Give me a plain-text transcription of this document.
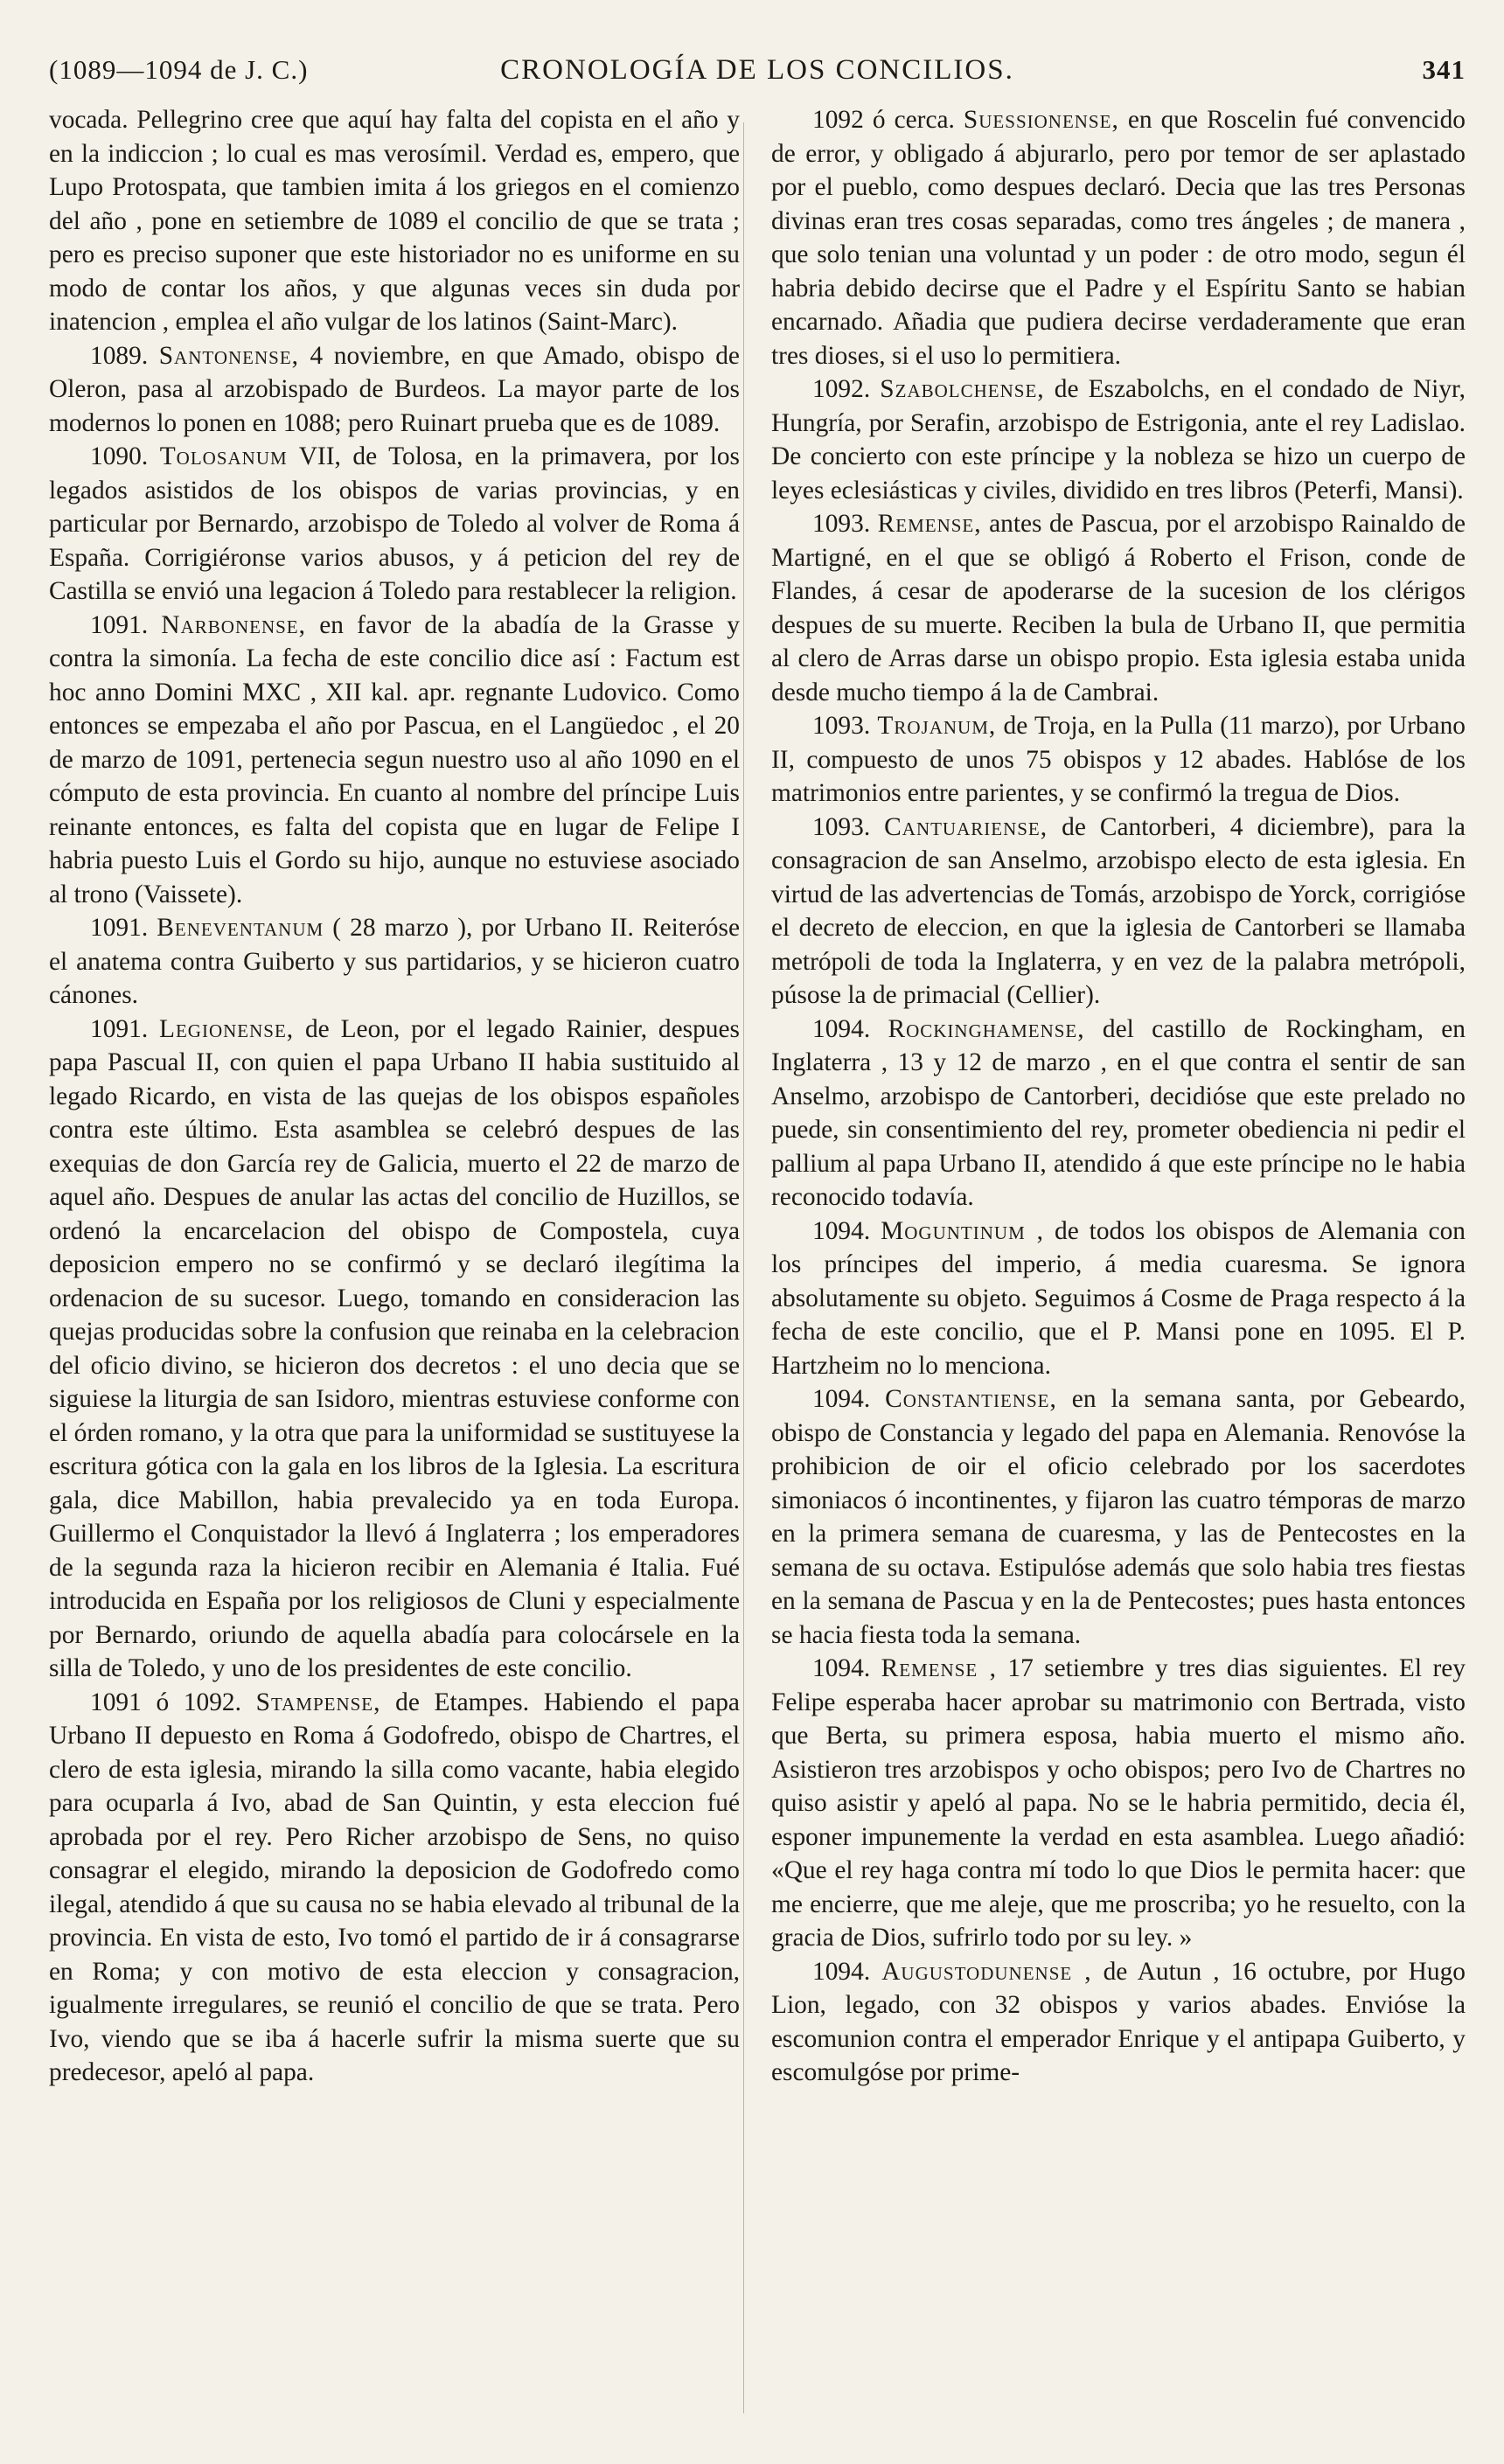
(1089—1094 de J. C.)	CRONOLOGÍA DE LOS CONCILIOS.	341

vocada. Pellegrino cree que aquí hay falta del copista en el año y en la indiccion ; lo cual es mas verosímil. Verdad es, empero, que Lupo Protospata, que tambien imita á los griegos en el comienzo del año , pone en setiembre de 1089 el concilio de que se trata ; pero es preciso suponer que este historiador no es uniforme en su modo de contar los años, y que algunas veces sin duda por inatencion , emplea el año vulgar de los latinos (Saint-Marc).

1089. Santonense, 4 noviembre, en que Amado, obispo de Oleron, pasa al arzobispado de Burdeos. La mayor parte de los modernos lo ponen en 1088; pero Ruinart prueba que es de 1089.

1090. Tolosanum VII, de Tolosa, en la primavera, por los legados asistidos de los obispos de varias provincias, y en particular por Bernardo, arzobispo de Toledo al volver de Roma á España. Corrigiéronse varios abusos, y á peticion del rey de Castilla se envió una legacion á Toledo para restablecer la religion.

1091. Narbonense, en favor de la abadía de la Grasse y contra la simonía. La fecha de este concilio dice así : Factum est hoc anno Domini MXC , XII kal. apr. regnante Ludovico. Como entonces se empezaba el año por Pascua, en el Langüedoc , el 20 de marzo de 1091, pertenecia segun nuestro uso al año 1090 en el cómputo de esta provincia. En cuanto al nombre del príncipe Luis reinante entonces, es falta del copista que en lugar de Felipe I habria puesto Luis el Gordo su hijo, aunque no estuviese asociado al trono (Vaissete).

1091. Beneventanum ( 28 marzo ), por Urbano II. Reiteróse el anatema contra Guiberto y sus partidarios, y se hicieron cuatro cánones.

1091. Legionense, de Leon, por el legado Rainier, despues papa Pascual II, con quien el papa Urbano II habia sustituido al legado Ricardo, en vista de las quejas de los obispos españoles contra este último. Esta asamblea se celebró despues de las exequias de don García rey de Galicia, muerto el 22 de marzo de aquel año. Despues de anular las actas del concilio de Huzillos, se ordenó la encarcelacion del obispo de Compostela, cuya deposicion empero no se confirmó y se declaró ilegítima la ordenacion de su sucesor. Luego, tomando en consideracion las quejas producidas sobre la confusion que reinaba en la celebracion del oficio divino, se hicieron dos decretos : el uno decia que se siguiese la liturgia de san Isidoro, mientras estuviese conforme con el órden romano, y la otra que para la uniformidad se sustituyese la escritura gótica con la gala en los libros de la Iglesia. La escritura gala, dice Mabillon, habia prevalecido ya en toda Europa. Guillermo el Conquistador la llevó á Inglaterra ; los emperadores de la segunda raza la hicieron recibir en Alemania é Italia. Fué introducida en España por los religiosos de Cluni y especialmente por Bernardo, oriundo de aquella abadía para colocársele en la silla de Toledo, y uno de los presidentes de este concilio.

1091 ó 1092. Stampense, de Etampes. Habiendo el papa Urbano II depuesto en Roma á Godofredo, obispo de Chartres, el clero de esta iglesia, mirando la silla como vacante, habia elegido para ocuparla á Ivo, abad de San Quintin, y esta eleccion fué aprobada por el rey. Pero Richer arzobispo de Sens, no quiso consagrar el elegido, mirando la deposicion de Godofredo como ilegal, atendido á que su causa no se habia elevado al tribunal de la provincia. En vista de esto, Ivo tomó el partido de ir á consagrarse en Roma; y con motivo de esta eleccion y consagracion, igualmente irregulares, se reunió el concilio de que se trata. Pero Ivo, viendo que se iba á hacerle sufrir la misma suerte que su predecesor, apeló al papa.

1092 ó cerca. Suessionense, en que Roscelin fué convencido de error, y obligado á abjurarlo, pero por temor de ser aplastado por el pueblo, como despues declaró. Decia que las tres Personas divinas eran tres cosas separadas, como tres ángeles ; de manera , que solo tenian una voluntad y un poder : de otro modo, segun él habria debido decirse que el Padre y el Espíritu Santo se habian encarnado. Añadia que pudiera decirse verdaderamente que eran tres dioses, si el uso lo permitiera.

1092. Szabolchense, de Eszabolchs, en el condado de Niyr, Hungría, por Serafin, arzobispo de Estrigonia, ante el rey Ladislao. De concierto con este príncipe y la nobleza se hizo un cuerpo de leyes eclesiásticas y civiles, dividido en tres libros (Peterfi, Mansi).

1093. Remense, antes de Pascua, por el arzobispo Rainaldo de Martigné, en el que se obligó á Roberto el Frison, conde de Flandes, á cesar de apoderarse de la sucesion de los clérigos despues de su muerte. Reciben la bula de Urbano II, que permitia al clero de Arras darse un obispo propio. Esta iglesia estaba unida desde mucho tiempo á la de Cambrai.

1093. Trojanum, de Troja, en la Pulla (11 marzo), por Urbano II, compuesto de unos 75 obispos y 12 abades. Hablóse de los matrimonios entre parientes, y se confirmó la tregua de Dios.

1093. Cantuariense, de Cantorberi, 4 diciembre), para la consagracion de san Anselmo, arzobispo electo de esta iglesia. En virtud de las advertencias de Tomás, arzobispo de Yorck, corrigióse el decreto de eleccion, en que la iglesia de Cantorberi se llamaba metrópoli de toda la Inglaterra, y en vez de la palabra metrópoli, púsose la de primacial (Cellier).

1094. Rockinghamense, del castillo de Rockingham, en Inglaterra , 13 y 12 de marzo , en el que contra el sentir de san Anselmo, arzobispo de Cantorberi, decidióse que este prelado no puede, sin consentimiento del rey, prometer obediencia ni pedir el pallium al papa Urbano II, atendido á que este príncipe no le habia reconocido todavía.

1094. Moguntinum , de todos los obispos de Alemania con los príncipes del imperio, á media cuaresma. Se ignora absolutamente su objeto. Seguimos á Cosme de Praga respecto á la fecha de este concilio, que el P. Mansi pone en 1095. El P. Hartzheim no lo menciona.

1094. Constantiense, en la semana santa, por Gebeardo, obispo de Constancia y legado del papa en Alemania. Renovóse la prohibicion de oir el oficio celebrado por los sacerdotes simoniacos ó incontinentes, y fijaron las cuatro témporas de marzo en la primera semana de cuaresma, y las de Pentecostes en la semana de su octava. Estipulóse además que solo habia tres fiestas en la semana de Pascua y en la de Pentecostes; pues hasta entonces se hacia fiesta toda la semana.

1094. Remense , 17 setiembre y tres dias siguientes. El rey Felipe esperaba hacer aprobar su matrimonio con Bertrada, visto que Berta, su primera esposa, habia muerto el mismo año. Asistieron tres arzobispos y ocho obispos; pero Ivo de Chartres no quiso asistir y apeló al papa. No se le habria permitido, decia él, esponer impunemente la verdad en esta asamblea. Luego añadió: «Que el rey haga contra mí todo lo que Dios le permita hacer: que me encierre, que me aleje, que me proscriba; yo he resuelto, con la gracia de Dios, sufrirlo todo por su ley. »

1094. Augustodunense , de Autun , 16 octubre, por Hugo Lion, legado, con 32 obispos y varios abades. Envióse la escomunion contra el emperador Enrique y el antipapa Guiberto, y escomulgóse por prime-
